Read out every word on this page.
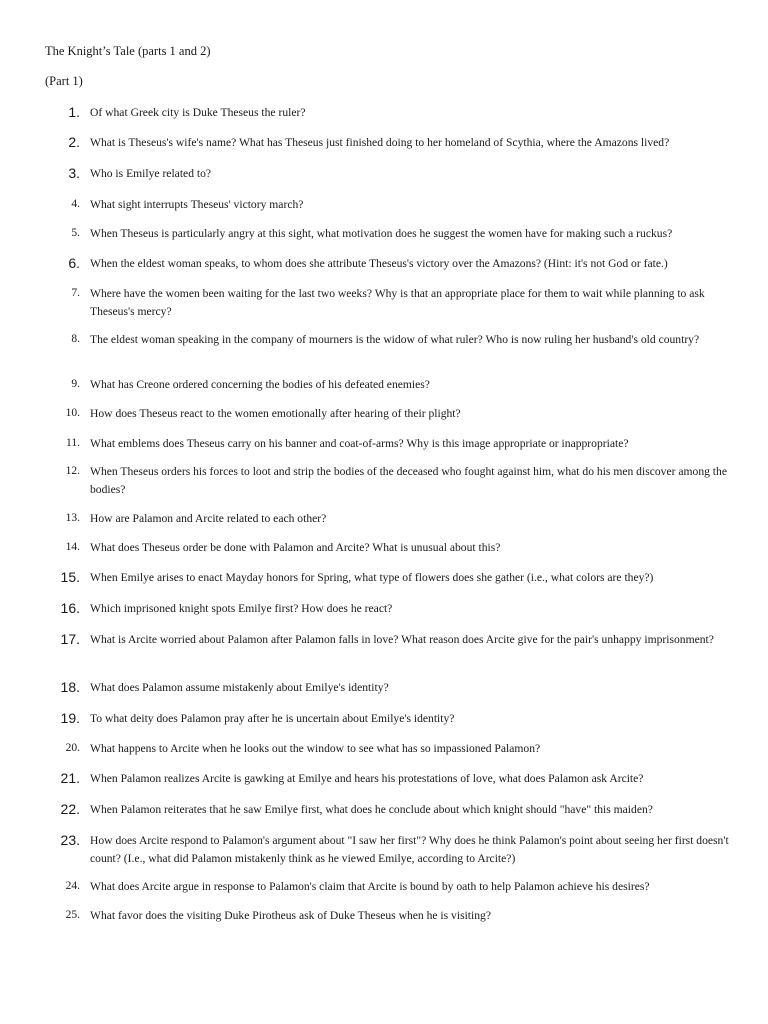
The Knight’s Tale (parts 1 and 2)
(Part 1)
1. Of what Greek city is Duke Theseus the ruler?
2. What is Theseus's wife's name? What has Theseus just finished doing to her homeland of Scythia, where the Amazons lived?
3. Who is Emilye related to?
4. What sight interrupts Theseus' victory march?
5. When Theseus is particularly angry at this sight, what motivation does he suggest the women have for making such a ruckus?
6. When the eldest woman speaks, to whom does she attribute Theseus's victory over the Amazons? (Hint: it's not God or fate.)
7. Where have the women been waiting for the last two weeks? Why is that an appropriate place for them to wait while planning to ask Theseus's mercy?
8. The eldest woman speaking in the company of mourners is the widow of what ruler? Who is now ruling her husband's old country?
9. What has Creone ordered concerning the bodies of his defeated enemies?
10. How does Theseus react to the women emotionally after hearing of their plight?
11. What emblems does Theseus carry on his banner and coat-of-arms? Why is this image appropriate or inappropriate?
12. When Theseus orders his forces to loot and strip the bodies of the deceased who fought against him, what do his men discover among the bodies?
13. How are Palamon and Arcite related to each other?
14. What does Theseus order be done with Palamon and Arcite? What is unusual about this?
15. When Emilye arises to enact Mayday honors for Spring, what type of flowers does she gather (i.e., what colors are they?)
16. Which imprisoned knight spots Emilye first? How does he react?
17. What is Arcite worried about Palamon after Palamon falls in love? What reason does Arcite give for the pair's unhappy imprisonment?
18. What does Palamon assume mistakenly about Emilye's identity?
19. To what deity does Palamon pray after he is uncertain about Emilye's identity?
20. What happens to Arcite when he looks out the window to see what has so impassioned Palamon?
21. When Palamon realizes Arcite is gawking at Emilye and hears his protestations of love, what does Palamon ask Arcite?
22. When Palamon reiterates that he saw Emilye first, what does he conclude about which knight should "have" this maiden?
23. How does Arcite respond to Palamon's argument about "I saw her first"? Why does he think Palamon's point about seeing her first doesn't count? (I.e., what did Palamon mistakenly think as he viewed Emilye, according to Arcite?)
24. What does Arcite argue in response to Palamon's claim that Arcite is bound by oath to help Palamon achieve his desires?
25. What favor does the visiting Duke Pirotheus ask of Duke Theseus when he is visiting?
